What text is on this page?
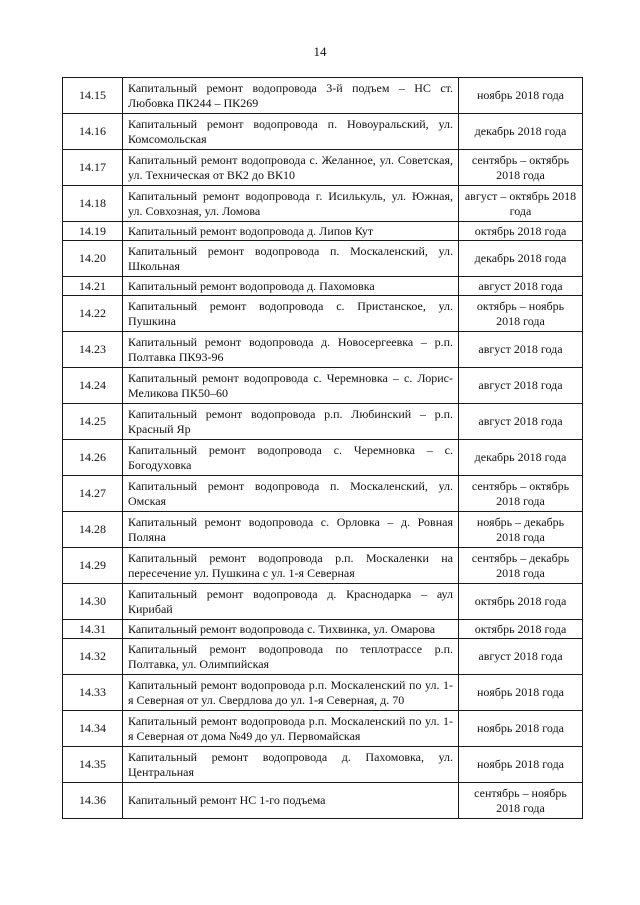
14
14.15	Капитальный ремонт водопровода 3-й подъем – НС ст. Любовка ПК244 – ПК269	ноябрь 2018 года
14.16	Капитальный ремонт водопровода п. Новоуральский, ул. Комсомольская	декабрь 2018 года
14.17	Капитальный ремонт водопровода с. Желанное, ул. Советская, ул. Техническая от ВК2 до ВК10	сентябрь – октябрь 2018 года
14.18	Капитальный ремонт водопровода г. Исилькуль, ул. Южная, ул. Совхозная, ул. Ломова	август – октябрь 2018 года
14.19	Капитальный ремонт водопровода д. Липов Кут	октябрь 2018 года
14.20	Капитальный ремонт водопровода п. Москаленский, ул. Школьная	декабрь 2018 года
14.21	Капитальный ремонт водопровода д. Пахомовка	август 2018 года
14.22	Капитальный ремонт водопровода с. Пристанское, ул. Пушкина	октябрь – ноябрь 2018 года
14.23	Капитальный ремонт водопровода д. Новосергеевка – р.п. Полтавка ПК93-96	август 2018 года
14.24	Капитальный ремонт водопровода с. Черемновка – с. Лорис-Меликова ПК50–60	август 2018 года
14.25	Капитальный ремонт водопровода р.п. Любинский – р.п. Красный Яр	август 2018 года
14.26	Капитальный ремонт водопровода с. Черемновка – с. Богодуховка	декабрь 2018 года
14.27	Капитальный ремонт водопровода п. Москаленский, ул. Омская	сентябрь – октябрь 2018 года
14.28	Капитальный ремонт водопровода с. Орловка – д. Ровная Поляна	ноябрь – декабрь 2018 года
14.29	Капитальный ремонт водопровода р.п. Москаленки на пересечение ул. Пушкина с ул. 1-я Северная	сентябрь – декабрь 2018 года
14.30	Капитальный ремонт водопровода д. Краснодарка – аул Кирибай	октябрь 2018 года
14.31	Капитальный ремонт водопровода с. Тихвинка, ул. Омарова	октябрь 2018 года
14.32	Капитальный ремонт водопровода по теплотрассе р.п. Полтавка, ул. Олимпийская	август 2018 года
14.33	Капитальный ремонт водопровода р.п. Москаленский по ул. 1-я Северная от ул. Свердлова до ул. 1-я Северная, д. 70	ноябрь 2018 года
14.34	Капитальный ремонт водопровода р.п. Москаленский по ул. 1-я Северная от дома №49 до ул. Первомайская	ноябрь 2018 года
14.35	Капитальный ремонт водопровода д. Пахомовка, ул. Центральная	ноябрь 2018 года
14.36	Капитальный ремонт НС 1-го подъема	сентябрь – ноябрь 2018 года
